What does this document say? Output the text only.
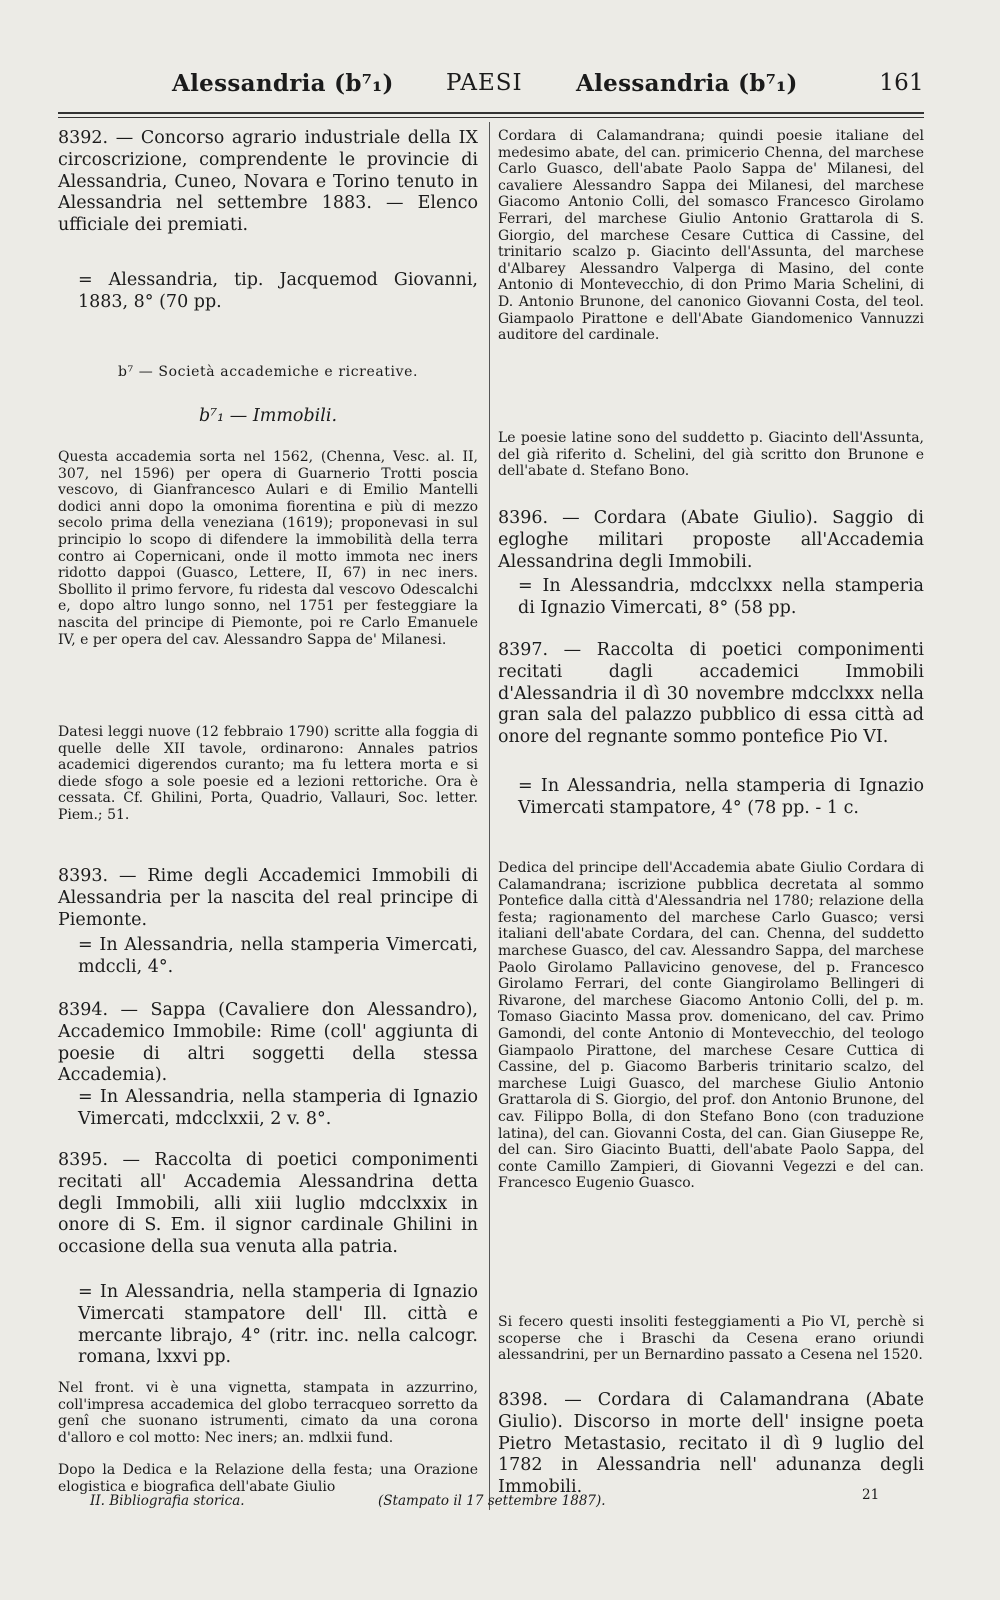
Alessandria (b⁷₁) PAESI Alessandria (b⁷₁)	161

8392. — Concorso agrario industriale della IX circoscrizione, comprendente le provincie di Alessandria, Cuneo, Novara e Torino tenuto in Alessandria nel settembre 1883. — Elenco ufficiale dei premiati.

= Alessandria, tip. Jacquemod Giovanni, 1883, 8° (70 pp.

b⁷ — Società accademiche e ricreative.

b⁷₁ — Immobili.

Questa accademia sorta nel 1562, (Chenna, Vesc. al. II, 307, nel 1596) per opera di Guarnerio Trotti poscia vescovo, di Gianfrancesco Aulari e di Emilio Mantelli dodici anni dopo la omonima fiorentina e più di mezzo secolo prima della veneziana (1619); proponevasi in sul principio lo scopo di difendere la immobilità della terra contro ai Copernicani, onde il motto immota nec iners ridotto dappoi (Guasco, Lettere, II, 67) in nec iners. Sbollito il primo fervore, fu ridesta dal vescovo Odescalchi e, dopo altro lungo sonno, nel 1751 per festeggiare la nascita del principe di Piemonte, poi re Carlo Emanuele IV, e per opera del cav. Alessandro Sappa de' Milanesi.

Datesi leggi nuove (12 febbraio 1790) scritte alla foggia di quelle delle XII tavole, ordinarono: Annales patrios academici digerendos curanto; ma fu lettera morta e si diede sfogo a sole poesie ed a lezioni rettoriche. Ora è cessata. Cf. Ghilini, Porta, Quadrio, Vallauri, Soc. letter. Piem.; 51.

8393. — Rime degli Accademici Immobili di Alessandria per la nascita del real principe di Piemonte.

= In Alessandria, nella stamperia Vimercati, mdccli, 4°.

8394. — Sappa (Cavaliere don Alessandro), Accademico Immobile: Rime (coll' aggiunta di poesie di altri soggetti della stessa Accademia).

= In Alessandria, nella stamperia di Ignazio Vimercati, mdcclxxii, 2 v. 8°.

8395. — Raccolta di poetici componimenti recitati all' Accademia Alessandrina detta degli Immobili, alli xiii luglio mdcclxxix in onore di S. Em. il signor cardinale Ghilini in occasione della sua venuta alla patria.

= In Alessandria, nella stamperia di Ignazio Vimercati stampatore dell' Ill. città e mercante librajo, 4° (ritr. inc. nella calcogr. romana, lxxvi pp.

Nel front. vi è una vignetta, stampata in azzurrino, coll'impresa accademica del globo terracqueo sorretto da genî che suonano istrumenti, cimato da una corona d'alloro e col motto: Nec iners; an. mdlxii fund.

Dopo la Dedica e la Relazione della festa; una Orazione elogistica e biografica dell'abate Giulio

Cordara di Calamandrana; quindi poesie italiane del medesimo abate, del can. primicerio Chenna, del marchese Carlo Guasco, dell'abate Paolo Sappa de' Milanesi, del cavaliere Alessandro Sappa dei Milanesi, del marchese Giacomo Antonio Colli, del somasco Francesco Girolamo Ferrari, del marchese Giulio Antonio Grattarola di S. Giorgio, del marchese Cesare Cuttica di Cassine, del trinitario scalzo p. Giacinto dell'Assunta, del marchese d'Albarey Alessandro Valperga di Masino, del conte Antonio di Montevecchio, di don Primo Maria Schelini, di D. Antonio Brunone, del canonico Giovanni Costa, del teol. Giampaolo Pirattone e dell'Abate Giandomenico Vannuzzi auditore del cardinale.

Le poesie latine sono del suddetto p. Giacinto dell'Assunta, del già riferito d. Schelini, del già scritto don Brunone e dell'abate d. Stefano Bono.

8396. — Cordara (Abate Giulio). Saggio di egloghe militari proposte all'Accademia Alessandrina degli Immobili.

= In Alessandria, mdcclxxx nella stamperia di Ignazio Vimercati, 8° (58 pp.

8397. — Raccolta di poetici componimenti recitati dagli accademici Immobili d'Alessandria il dì 30 novembre mdcclxxx nella gran sala del palazzo pubblico di essa città ad onore del regnante sommo pontefice Pio VI.

= In Alessandria, nella stamperia di Ignazio Vimercati stampatore, 4° (78 pp. - 1 c.

Dedica del principe dell'Accademia abate Giulio Cordara di Calamandrana; iscrizione pubblica decretata al sommo Pontefice dalla città d'Alessandria nel 1780; relazione della festa; ragionamento del marchese Carlo Guasco; versi italiani dell'abate Cordara, del can. Chenna, del suddetto marchese Guasco, del cav. Alessandro Sappa, del marchese Paolo Girolamo Pallavicino genovese, del p. Francesco Girolamo Ferrari, del conte Giangirolamo Bellingeri di Rivarone, del marchese Giacomo Antonio Colli, del p. m. Tomaso Giacinto Massa prov. domenicano, del cav. Primo Gamondi, del conte Antonio di Montevecchio, del teologo Giampaolo Pirattone, del marchese Cesare Cuttica di Cassine, del p. Giacomo Barberis trinitario scalzo, del marchese Luigi Guasco, del marchese Giulio Antonio Grattarola di S. Giorgio, del prof. don Antonio Brunone, del cav. Filippo Bolla, di don Stefano Bono (con traduzione latina), del can. Giovanni Costa, del can. Gian Giuseppe Re, del can. Siro Giacinto Buatti, dell'abate Paolo Sappa, del conte Camillo Zampieri, di Giovanni Vegezzi e del can. Francesco Eugenio Guasco.

Si fecero questi insoliti festeggiamenti a Pio VI, perchè si scoperse che i Braschi da Cesena erano oriundi alessandrini, per un Bernardino passato a Cesena nel 1520.

8398. — Cordara di Calamandrana (Abate Giulio). Discorso in morte dell' insigne poeta Pietro Metastasio, recitato il dì 9 luglio del 1782 in Alessandria nell' adunanza degli Immobili.

II. Bibliografia storica.	(Stampato il 17 settembre 1887).	21
